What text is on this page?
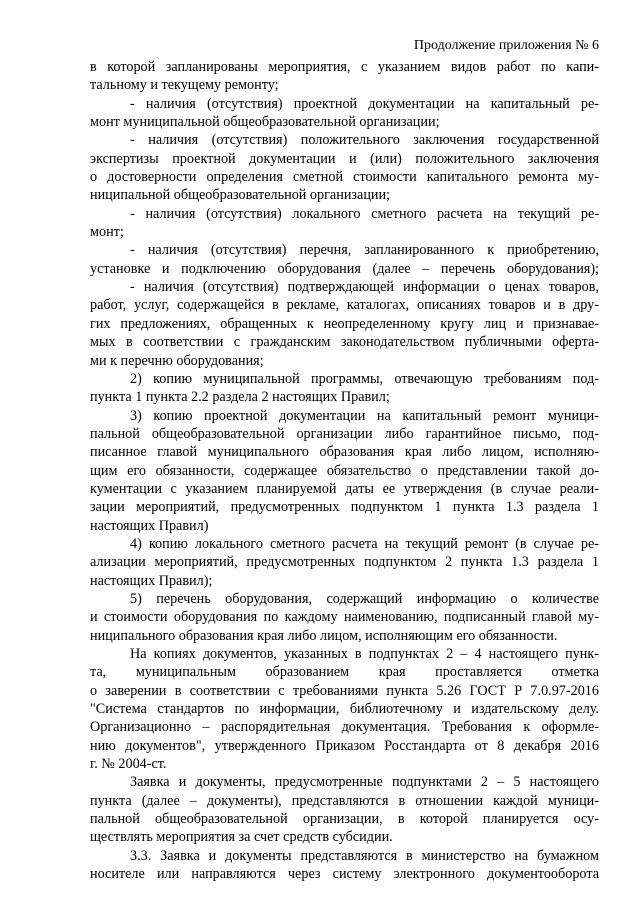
Продолжение приложения № 6
в которой запланированы мероприятия, с указанием видов работ по капи-
тальному и текущему ремонту;
- наличия (отсутствия) проектной документации на капитальный ре-
монт муниципальной общеобразовательной организации;
- наличия (отсутствия) положительного заключения государственной
экспертизы проектной документации и (или) положительного заключения
о достоверности определения сметной стоимости капитального ремонта му-
ниципальной общеобразовательной организации;
- наличия (отсутствия) локального сметного расчета на текущий ре-
монт;
- наличия (отсутствия) перечня, запланированного к приобретению,
установке и подключению оборудования (далее – перечень оборудования);
- наличия (отсутствия) подтверждающей информации о ценах товаров,
работ, услуг, содержащейся в рекламе, каталогах, описаниях товаров и в дру-
гих предложениях, обращенных к неопределенному кругу лиц и признавае-
мых в соответствии с гражданским законодательством публичными оферта-
ми к перечню оборудования;
2) копию муниципальной программы, отвечающую требованиям под-
пункта 1 пункта 2.2 раздела 2 настоящих Правил;
3) копию проектной документации на капитальный ремонт муници-
пальной общеобразовательной организации либо гарантийное письмо, под-
писанное главой муниципального образования края либо лицом, исполняю-
щим его обязанности, содержащее обязательство о представлении такой до-
кументации с указанием планируемой даты ее утверждения (в случае реали-
зации мероприятий, предусмотренных подпунктом 1 пункта 1.3 раздела 1
настоящих Правил)
4) копию локального сметного расчета на текущий ремонт (в случае ре-
ализации мероприятий, предусмотренных подпунктом 2 пункта 1.3 раздела 1
настоящих Правил);
5) перечень оборудования, содержащий информацию о количестве
и стоимости оборудования по каждому наименованию, подписанный главой му-
ниципального образования края либо лицом, исполняющим его обязанности.
На копиях документов, указанных в подпунктах 2 – 4 настоящего пунк-
та, муниципальным образованием края проставляется отметка
о заверении в соответствии с требованиями пункта 5.26 ГОСТ Р 7.0.97-2016
"Система стандартов по информации, библиотечному и издательскому делу.
Организационно – распорядительная документация. Требования к оформле-
нию документов", утвержденного Приказом Росстандарта от 8 декабря 2016
г. № 2004-ст.
Заявка и документы, предусмотренные подпунктами 2 – 5 настоящего
пункта (далее – документы), представляются в отношении каждой муници-
пальной общеобразовательной организации, в которой планируется осу-
ществлять мероприятия за счет средств субсидии.
3.3. Заявка и документы представляются в министерство на бумажном
носителе или направляются через систему электронного документооборота
